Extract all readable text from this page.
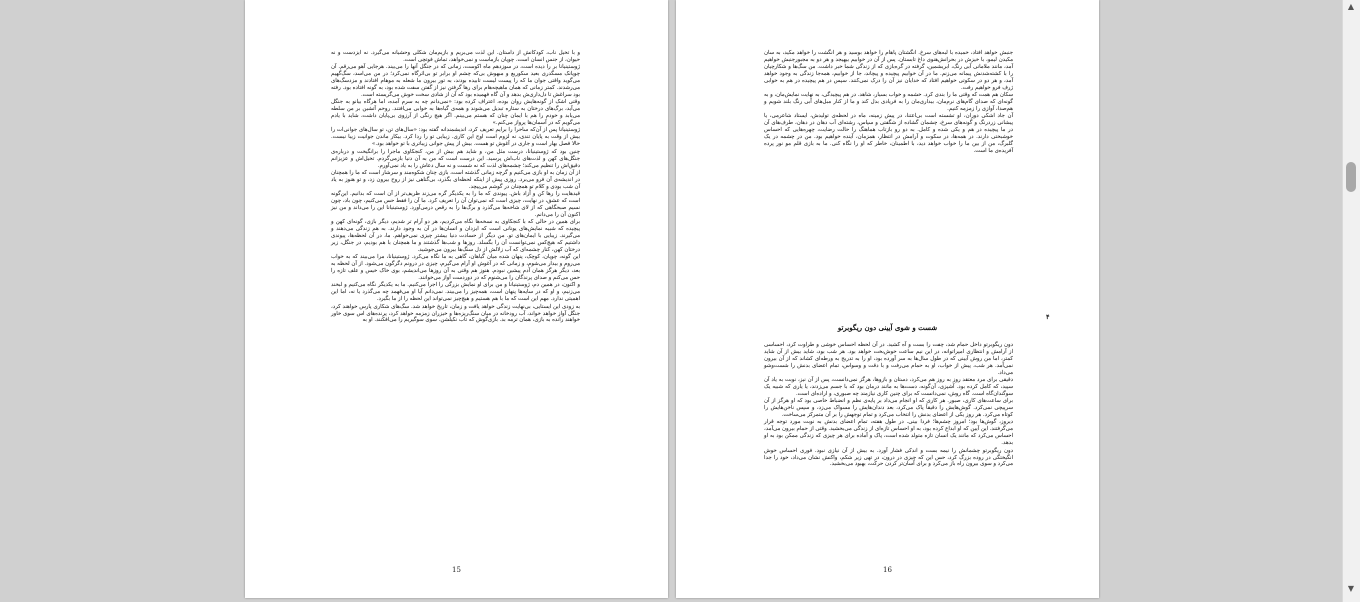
و با تخیل ناب، کودکانش از داستان. این لذت می‌بریم و بازیم‌مان شکلی وحشیانه می‌گیرد. نه ایزدست و نه حیوان، از جنس انسان است. چوپان بازماست و نمی‌خواهد، تماش فوتچی است.

ژوستینیانا بر را دیده است، در سوزدهم ماه اکوست، زمانی که در جنگل آنها را می‌بیند. هر‌جایی آهو می‌رقم. آن چوپانک مسگدری بعید سکوریع و مبهوش بی‌که چشم او برابر تو بی‌اثر‌گاه نمی‌کرد؛ در من می‌اسد، سگ‌گهیم می‌گوید واقتی جوان ما که را پیست لیست تابیده بودند، به تور بیرون ما شعله به موهام افتادند و مزدسگ‌های می‌رشدند. کمتر زمانی که همان ماهیچه‌هام برای رها گرفتن نیز از گفتن سفت شده بود، به گونه افتاده بود. رفته بود سراغش تا دل‌داری‌ش بدهد و آن گاه فهمیده بود که آن از شادی سخت خوش می‌گریسته است.

وقتی اشک از گونه‌هایش روان بوده، اعتراف کرده بود: «نمی‌دانم چه به سرم آمده، اما هرگاه بیانو به جنگل می‌آید، برگ‌های درختان به ستاره تبدیل می‌شوند و همه‌ی گیاه‌ها به خوابی می‌افتند. روحم آتشین بر من سلطه می‌یابد و خودم را هم با ایمان چنان که هستم می‌بینم. اگر هیچ رنگی از آرزوی بی‌پایان داشت، شاید با یادم می‌گویم که در آسمان‌ها پرواز می‌کنم.»

ژوستینیانا پس از آن‌که ساحرا را برایم تعریف کرد، اندیشمندانه گفته بود: «سال‌های تن، تو سال‌های جوانی‌ات را بیش از وقت به پایان تندی، نه لزوم است اوج این کاری. زیبایی تو را ردا کرد. بیکار ماندن جوانیت زیبا نیست. حالا فصل بهار است و جاری در آغوش تو هست. بیش از پیش جوانی زیباتری با تو خواهد بود.»

چنین بود که ژوستینیانا، درست مثل من، و شاید هم بیش از من، کنجکاوی ماجرا را برانگیخت و درباره‌ی جنگل‌های کهن و لذت‌های ناب‌اش پرسید. این درست است که من به آن دنیا باز‌می‌گردم. تخیل‌اش و عزیزانم دقیق‌اش را تنظیم می‌کند؛ چشمه‌های لذت که نه شست و نه سال دعاش را به یاد نمی‌آورم.

از آن زمان به او بازی می‌کنیم و گرچه زمانی گذشته است، بازی چنان شکوه‌مند و سرشار است که ما را همچنان در اندیشه‌ی آن فرو می‌برد. روزی پیش از اینکه لحظه‌ای بگذرد، بی‌گناهی نیز از روح بیرون زد، و تو هنوز به یاد آن شب بودی و کلام تو همچنان در گوشم می‌پیچد.

قیدهایت را رها کن و آزاد باش. پیوندی که ما را به یکدیگر گره می‌زند ظریف‌تر از آن است که بدانیم. این‌گونه است که عشق، در نهایت، چیزی است که نمی‌توان آن را تعریف کرد. ما آن را فقط حس می‌کنیم، چون باد، چون نسیم صبحگاهی که از لای شاخه‌ها می‌گذرد و برگ‌ها را به رقص درمی‌آورد. ژوستینیانا این را می‌داند و من نیز اکنون آن را می‌دانم.

برای همین در حالی که با کنجکاوی به نسخه‌ها نگاه می‌کردیم، هر دو آرام تر شدیم، دیگر بازی، گونه‌ای کهن و پیچیده که شبیه نمایش‌های یونانی است که ایزدان و انسان‌ها در آن به وجود دارند. به هم زندگی می‌دهند و می‌گیرند. زیبایی با ایمان‌های تو. من دیگر از حسادت دنیا بیشتر چیزی نمی‌خواهم. ما، در آن لحظه‌ها، پیوندی داشتیم که هیچ‌کس نمی‌توانست آن را بگسلد. روزها و شب‌ها گذشتند و ما همچنان با هم بودیم، در جنگل، زیر درختان کهن، کنار چشمه‌ای که آب زلالش از دل سنگ‌ها بیرون می‌جوشید.

این گونه، چوپان، کوچک، پنهان شده میان گیاهان، گاهی به ما نگاه می‌کرد. ژوستینیانا، مرا می‌بیند که به خواب می‌روم و بیدار می‌شوم، و زمانی که در آغوش او آرام می‌گیرم، چیزی در درونم دگرگون می‌شود. از آن لحظه به بعد، دیگر هرگز همان آدم پیشین نبودم. هنوز هم وقتی به آن روزها می‌اندیشم، بوی خاک خیس و علف تازه را حس می‌کنم و صدای پرندگان را می‌شنوم که در دوردست آواز می‌خوانند.

و اکنون، در همین دم، ژوستینیانا و من برای او نمایش بزرگی را اجرا می‌کنیم. ما به یکدیگر نگاه می‌کنیم و لبخند می‌زنیم، و او که در سایه‌ها پنهان است، همه‌چیز را می‌بیند. نمی‌دانم آیا او می‌فهمد چه می‌گذرد یا نه، اما این اهمیتی ندارد. مهم این است که ما با هم هستیم و هیچ‌چیز نمی‌تواند این لحظه را از ما بگیرد.

به زودی این ایستایی، بی‌نهایت زندگی خواهد یافت و زمان، تاریخ خواهد شد. سگ‌های شکاری پارس خواهند کرد، جنگل آواز خواهد خواند، آب رودخانه در میان سنگ‌ریزه‌ها و خیزران زمزمه خواهد کرد، پرنده‌های اس سوی خاور خواهند رانده‌ به بازی، همان ترمه بد. بازی‌گوش که تاب نکیلشن. سوی سوگیریم را می‌افکنند. او به

15

جنبش خواهد افتاد، خمیده با لبه‌های سرخ. انگشتان پاهام را خواهد بوسید و هر انگشت را خواهد مکید، به سان مکیدن لیمو، با خیزش در بحرانش‌هنوی داغ تابستان. پس از آن در خوابیم بیهیجد و هر دو به مجبور‌جنبش خواهیم آمد، مانند ملامانی آبی رنگ، ابریشمین، گرفته در گره‌بازی که از زندگی شما خبر داشت. من سگ‌ها و شکارچیان را با کشته‌شدنش پیمانه می‌زنم. ما در آن خوابیم پیچیده و پیچاند، جا از خوابیم، همه‌جا زندگی به وجود خواهد آمد، و هر دو در سکوتی خواهیم افتاد که خدایان نیز آن را درک نمی‌کنند. سپس در هم پیچیده در هم به خوابی ژرف فرو خواهیم رفت.

سکان هم همت که وقتی ما را بندی کرد. خشمه و خواب بسیار، شاهد. در هم پیچیدگی، به نهایت نمایش‌مان، و به گونه‌ای که صدای گام‌های نرم‌مان، بیداری‌مان را به فریادی بدل کند و ما از کنار مبل‌های آبی رنگ بلند شویم و هم‌صدا، آوازی را زمزمه کنیم.

آن جاد اشکی دوران، او تشسته است بی‌اعتنا، در پیش زمینه، ماه در لحظه‌ی تولیدش، ایستاد شاعرمی، یا پیشانی زردرنگ و گونه‌های سرخ، چشمان گشاده از شگفتی و سپاس، رشته‌ای آب دهان در دهان، طرف‌های آن در ما پیچیده در هم و یکی شده و کامل. به دو رو بازتاب هماهنگ را حالت رضایت، چهره‌هایی که احساس خوشبختی دارند. در همه‌ها، در سکوت و آرامش در انتظار، همزمان، آینده خواهیم بود. من در چشمه در یک گلبرگ، من از بین ما را خواب خواهد دید، با اطمینان، خاطر که او را نگاه کنی. ما به بازی قلم مو نور پرده آفریده‌ی ما است.

۴
شست و شوی آیینی دون ریگوبرتو

دون ریگوبرتو داخل حمام شد، چفت را بست و آه کشید. در آن لحظه احساس خوشی و طراوت کرد، احساسی از آرامش و انتظاری امپراتوانه، در این نیم ساعت خوش‌بخت خواهد بود. هر شب بود، شاید بیش از آن شاید کمتر، اما من روش آیینی که در طول سال‌ها به سر آورده بود، او را به تدریج به ورطه‌ای کشاند که از آن بیرون نمی‌آمد. هر شب، پیش از خواب، او به حمام می‌رفت و با دقت و وسواس، تمام اعضای بدنش را شست‌وشو می‌داد.

دقیقی برای مرد معتقد روز به روز هم می‌کرد، دستان و بازوها، هرگز نمی‌دانست، پس از آن نیز، نوبت به یاد آن سپید، که کامل کرده بود. آشپزی، آن‌گونه، دست‌ها به مانند درمان بود که با جسم می‌زدند، یا یاری که شبیه یک سوگندان‌گاه است. گاه روش، نمی‌دانست که برای چنین کاری نیازمند چه صبوری، و اراده‌ای است.

برای ساعت‌های کاری، صبور. هر کاری که او انجام می‌داد بر پایه‌ی نظم و انضباط خاصی بود که او هرگز از آن سرپیچی نمی‌کرد. گوش‌هایش را دقیقاً پاک می‌کرد، بعد دندان‌هایش را مسواک می‌زد، و سپس ناخن‌هایش را کوتاه می‌کرد. هر روز یکی از اعضای بدنش را انتخاب می‌کرد و تمام توجهش را بر آن متمرکز می‌ساخت.

دیروز، گوش‌ها بود؛ امروز چشم‌ها؛ فردا بینی. در طول هفته، تمام اعضای بدنش به نوبت مورد توجه قرار می‌گرفتند. این آیین که او ابداع کرده بود، به او احساس تازه‌ای از زندگی می‌بخشید. وقتی از حمام بیرون می‌آمد، احساس می‌کرد که مانند یک انسان تازه متولد شده است، پاک و آماده برای هر چیزی که زندگی ممکن بود به او بدهد.

دون ریگوبرتو چشمانش را نیمه بست و اندکی فشار آورد. به بیش از آن نیازی نبود. فوری احساس خوش انگیختگی در روده بزرگ کرد، حس این که چیزی در درون، در تهی زیر شکم، واکنش نشان می‌داد، خود را جدا می‌کرد و سوی بیرون راه باز می‌کرد و برای آسان‌تر کردن حرکت، بهبود می‌بخشید.

16
▲
▼
